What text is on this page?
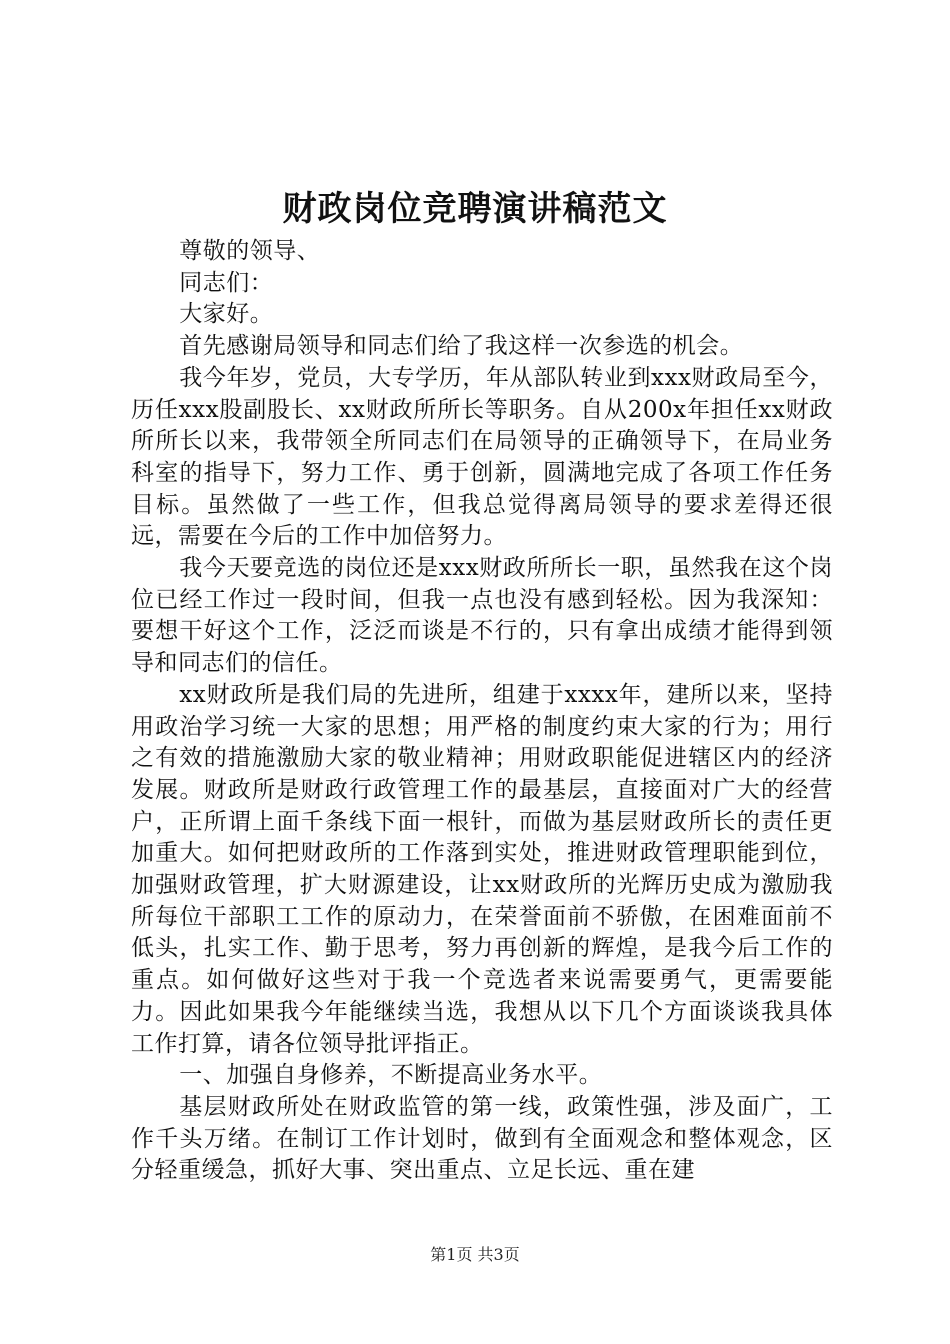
财政岗位竞聘演讲稿范文

尊敬的领导、

同志们：

大家好。

首先感谢局领导和同志们给了我这样一次参选的机会。

我今年岁，党员，大专学历，年从部队转业到xxx财政局至今，历任xxx股副股长、xx财政所所长等职务。自从200x年担任xx财政所所长以来，我带领全所同志们在局领导的正确领导下，在局业务科室的指导下，努力工作、勇于创新，圆满地完成了各项工作任务目标。虽然做了一些工作，但我总觉得离局领导的要求差得还很远，需要在今后的工作中加倍努力。

我今天要竞选的岗位还是xxx财政所所长一职，虽然我在这个岗位已经工作过一段时间，但我一点也没有感到轻松。因为我深知：要想干好这个工作，泛泛而谈是不行的，只有拿出成绩才能得到领导和同志们的信任。

xx财政所是我们局的先进所，组建于xxxx年，建所以来，坚持用政治学习统一大家的思想；用严格的制度约束大家的行为；用行之有效的措施激励大家的敬业精神；用财政职能促进辖区内的经济发展。财政所是财政行政管理工作的最基层，直接面对广大的经营户，正所谓上面千条线下面一根针，而做为基层财政所长的责任更加重大。如何把财政所的工作落到实处，推进财政管理职能到位，加强财政管理，扩大财源建设，让xx财政所的光辉历史成为激励我所每位干部职工工作的原动力，在荣誉面前不骄傲，在困难面前不低头，扎实工作、勤于思考，努力再创新的辉煌，是我今后工作的重点。如何做好这些对于我一个竞选者来说需要勇气，更需要能力。因此如果我今年能继续当选，我想从以下几个方面谈谈我具体工作打算，请各位领导批评指正。

一、加强自身修养，不断提高业务水平。

基层财政所处在财政监管的第一线，政策性强，涉及面广，工作千头万绪。在制订工作计划时，做到有全面观念和整体观念，区分轻重缓急，抓好大事、突出重点、立足长远、重在建

第1页 共3页
